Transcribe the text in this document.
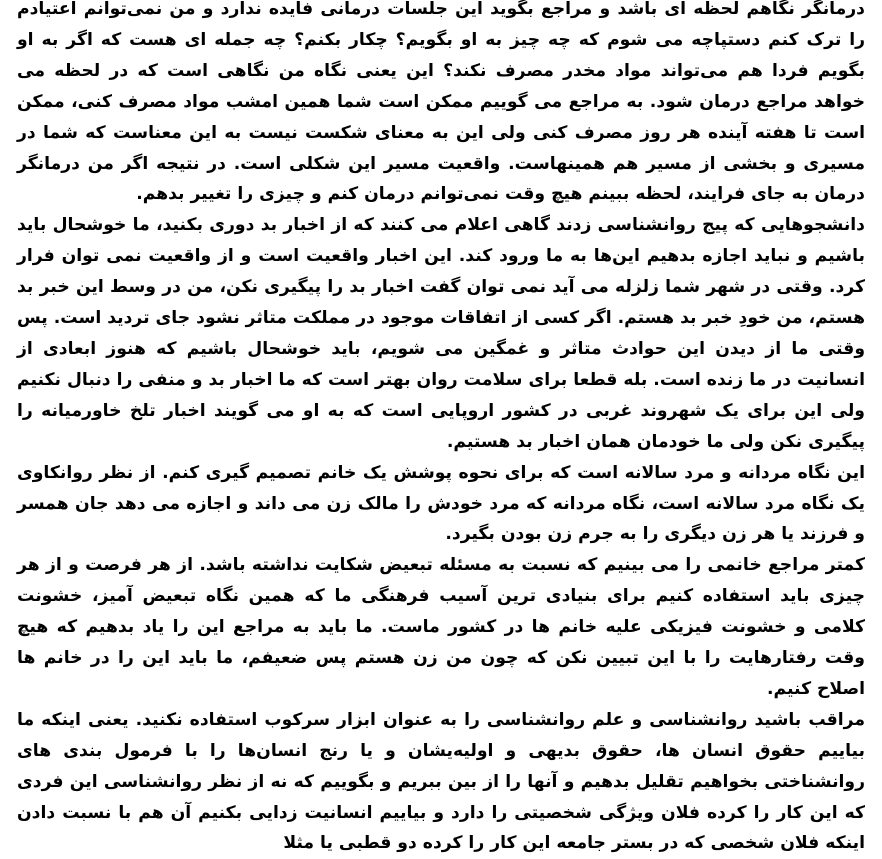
درمانگر نگاهم لحظه ای باشد و مراجع بگوید این جلسات درمانی فایده ندارد و من نمی‌توانم اعتیادم را ترک کنم دستپاچه می شوم که چه چیز به او بگویم؟ چکار بکنم؟ چه جمله ای هست که اگر به او بگویم فردا هم می‌تواند مواد مخدر مصرف نکند؟ این یعنی نگاه من نگاهی است که در لحظه می خواهد مراجع درمان شود. به مراجع می گوییم ممکن است شما همین امشب مواد مصرف کنی، ممکن است تا هفته آینده هر روز مصرف کنی ولی این به معنای شکست نیست به این معناست که شما در مسیری و بخشی از مسیر هم همینهاست. واقعیت مسیر این شکلی است. در نتیجه اگر من درمانگر درمان به جای فرایند، لحظه ببینم هیچ وقت نمی‌توانم درمان کنم و چیزی را تغییر بدهم.

دانشجوهایی که پیج روانشناسی زدند گاهی اعلام می کنند که از اخبار بد دوری بکنید، ما خوشحال باید باشیم و نباید اجازه بدهیم این‌ها به ما ورود کند. این اخبار واقعیت است و از واقعیت نمی توان فرار کرد. وقتی در شهر شما زلزله می آید نمی توان گفت اخبار بد را پیگیری نکن، من در وسط این خبر بد هستم، من خودِ خبر بد هستم. اگر کسی از اتفاقات موجود در مملکت متاثر نشود جای تردید است. پس وقتی ما از دیدن این حوادث متاثر و غمگین می شویم، باید خوشحال باشیم که هنوز ابعادی از انسانیت در ما زنده است. بله قطعا برای سلامت روان بهتر است که ما اخبار بد و منفی را دنبال نکنیم ولی این برای یک شهروند غربی در کشور اروپایی است که به او می گویند اخبار تلخ خاورمیانه را پیگیری نکن ولی ما خودمان همان اخبار بد هستیم.

این نگاه مردانه و مرد سالانه است که برای نحوه پوشش یک خانم تصمیم گیری کنم. از نظر روانکاوی یک نگاه مرد سالانه است، نگاه مردانه که مرد خودش را مالک زن می داند و اجازه می دهد جان همسر و فرزند یا هر زن دیگری را به جرم زن بودن بگیرد.

کمتر مراجع خانمی را می بینیم که نسبت به مسئله تبعیض شکایت نداشته باشد. از هر فرصت و از هر چیزی باید استفاده کنیم برای بنیادی ترین آسیب فرهنگی ما که همین نگاه تبعیض آمیز، خشونت کلامی و خشونت فیزیکی علیه خانم ها در کشور ماست. ما باید به مراجع این را یاد بدهیم که هیچ وقت رفتارهایت را با این تبیین نکن که چون من زن هستم پس ضعیفم، ما باید این را در خانم ها اصلاح کنیم.

مراقب باشید روانشناسی و علم روانشناسی را به عنوان ابزار سرکوب استفاده نکنید. یعنی اینکه ما بیاییم حقوق انسان ها، حقوق بدیهی و اولیه‌یشان و یا رنج انسان‌ها را با فرمول بندی های روانشناختی بخواهیم تقلیل بدهیم و آنها را از بین ببریم و بگوییم که نه از نظر روانشناسی این فردی که این کار را کرده فلان ویژگی شخصیتی را دارد و بیاییم انسانیت زدایی بکنیم آن هم با نسبت دادن اینکه فلان شخصی که در بستر جامعه این کار را کرده دو قطبی یا مثلا
